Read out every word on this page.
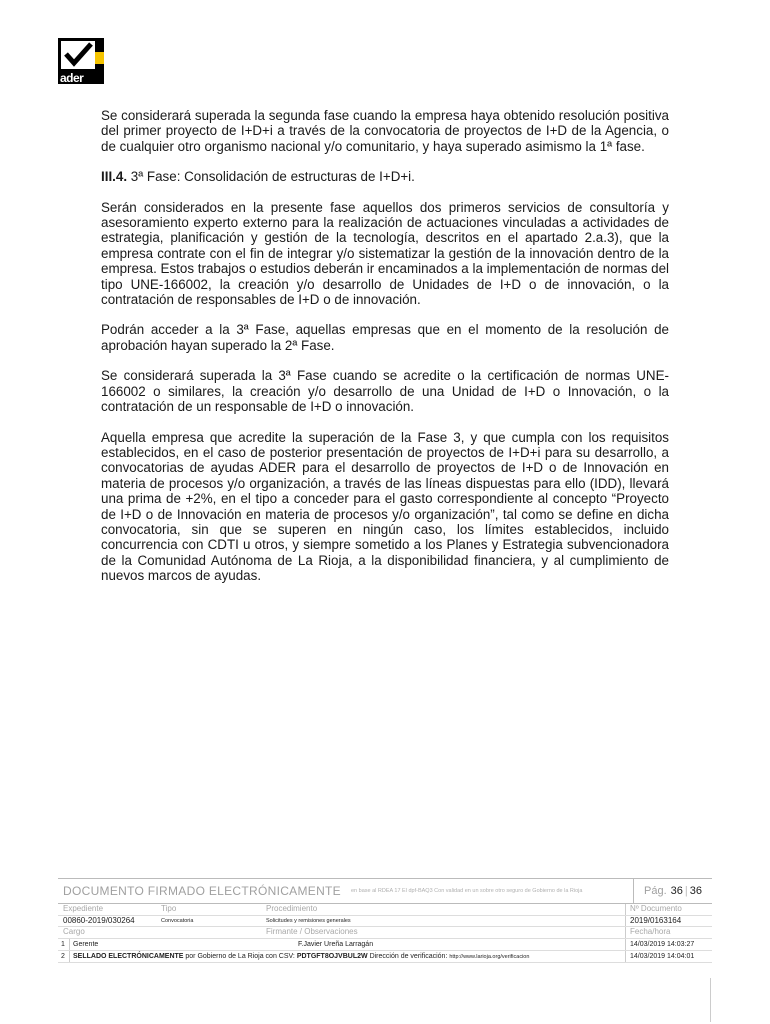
ader

Se considerará superada la segunda fase cuando la empresa haya obtenido resolución positiva del primer proyecto de I+D+i a través de la convocatoria de proyectos de I+D de la Agencia, o de cualquier otro organismo nacional y/o comunitario, y haya superado asimismo la 1ª fase.

III.4. 3ª Fase: Consolidación de estructuras de I+D+i.

Serán considerados en la presente fase aquellos dos primeros servicios de consultoría y asesoramiento experto externo para la realización de actuaciones vinculadas a actividades de estrategia, planificación y gestión de la tecnología, descritos en el apartado 2.a.3), que la empresa contrate con el fin de integrar y/o sistematizar la gestión de la innovación dentro de la empresa. Estos trabajos o estudios deberán ir encaminados a la implementación de normas del tipo UNE-166002, la creación y/o desarrollo de Unidades de I+D o de innovación, o la contratación de responsables de I+D o de innovación.

Podrán acceder a la 3ª Fase, aquellas empresas que en el momento de la resolución de aprobación hayan superado la 2ª Fase.

Se considerará superada la 3ª Fase cuando se acredite o la certificación de normas UNE-166002 o similares, la creación y/o desarrollo de una Unidad de I+D o Innovación, o la contratación de un responsable de I+D o innovación.

Aquella empresa que acredite la superación de la Fase 3, y que cumpla con los requisitos establecidos, en el caso de posterior presentación de proyectos de I+D+i para su desarrollo, a convocatorias de ayudas ADER para el desarrollo de proyectos de I+D o de Innovación en materia de procesos y/o organización, a través de las líneas dispuestas para ello (IDD), llevará una prima de +2%, en el tipo a conceder para el gasto correspondiente al concepto “Proyecto de I+D o de Innovación en materia de procesos y/o organización”, tal como se define en dicha convocatoria, sin que se superen en ningún caso, los límites establecidos, incluido concurrencia con CDTI u otros, y siempre sometido a los Planes y Estrategia subvencionadora de la Comunidad Autónoma de La Rioja, a la disponibilidad financiera, y al cumplimiento de nuevos marcos de ayudas.

DOCUMENTO FIRMADO ELECTRÓNICAMENTE en base al RDEA 17 El dpf-BAQ3 Con validad en un sobre otro seguro de Gobierno de la Rioja	Pág. 36 | 36
Expediente	Tipo	Procedimiento	Nº Documento
00860-2019/030264	Convocatoria	Solicitudes y remisiones generales	2019/0163164
Cargo	Firmante / Observaciones	Fecha/hora
1	Gerente	F.Javier Ureña Larragán	14/03/2019 14:03:27
2	SELLADO ELECTRÓNICAMENTE por Gobierno de La Rioja con CSV: PDTGFT8OJVBUL2W Dirección de verificación: http://www.larioja.org/verificacion	14/03/2019 14:04:01
